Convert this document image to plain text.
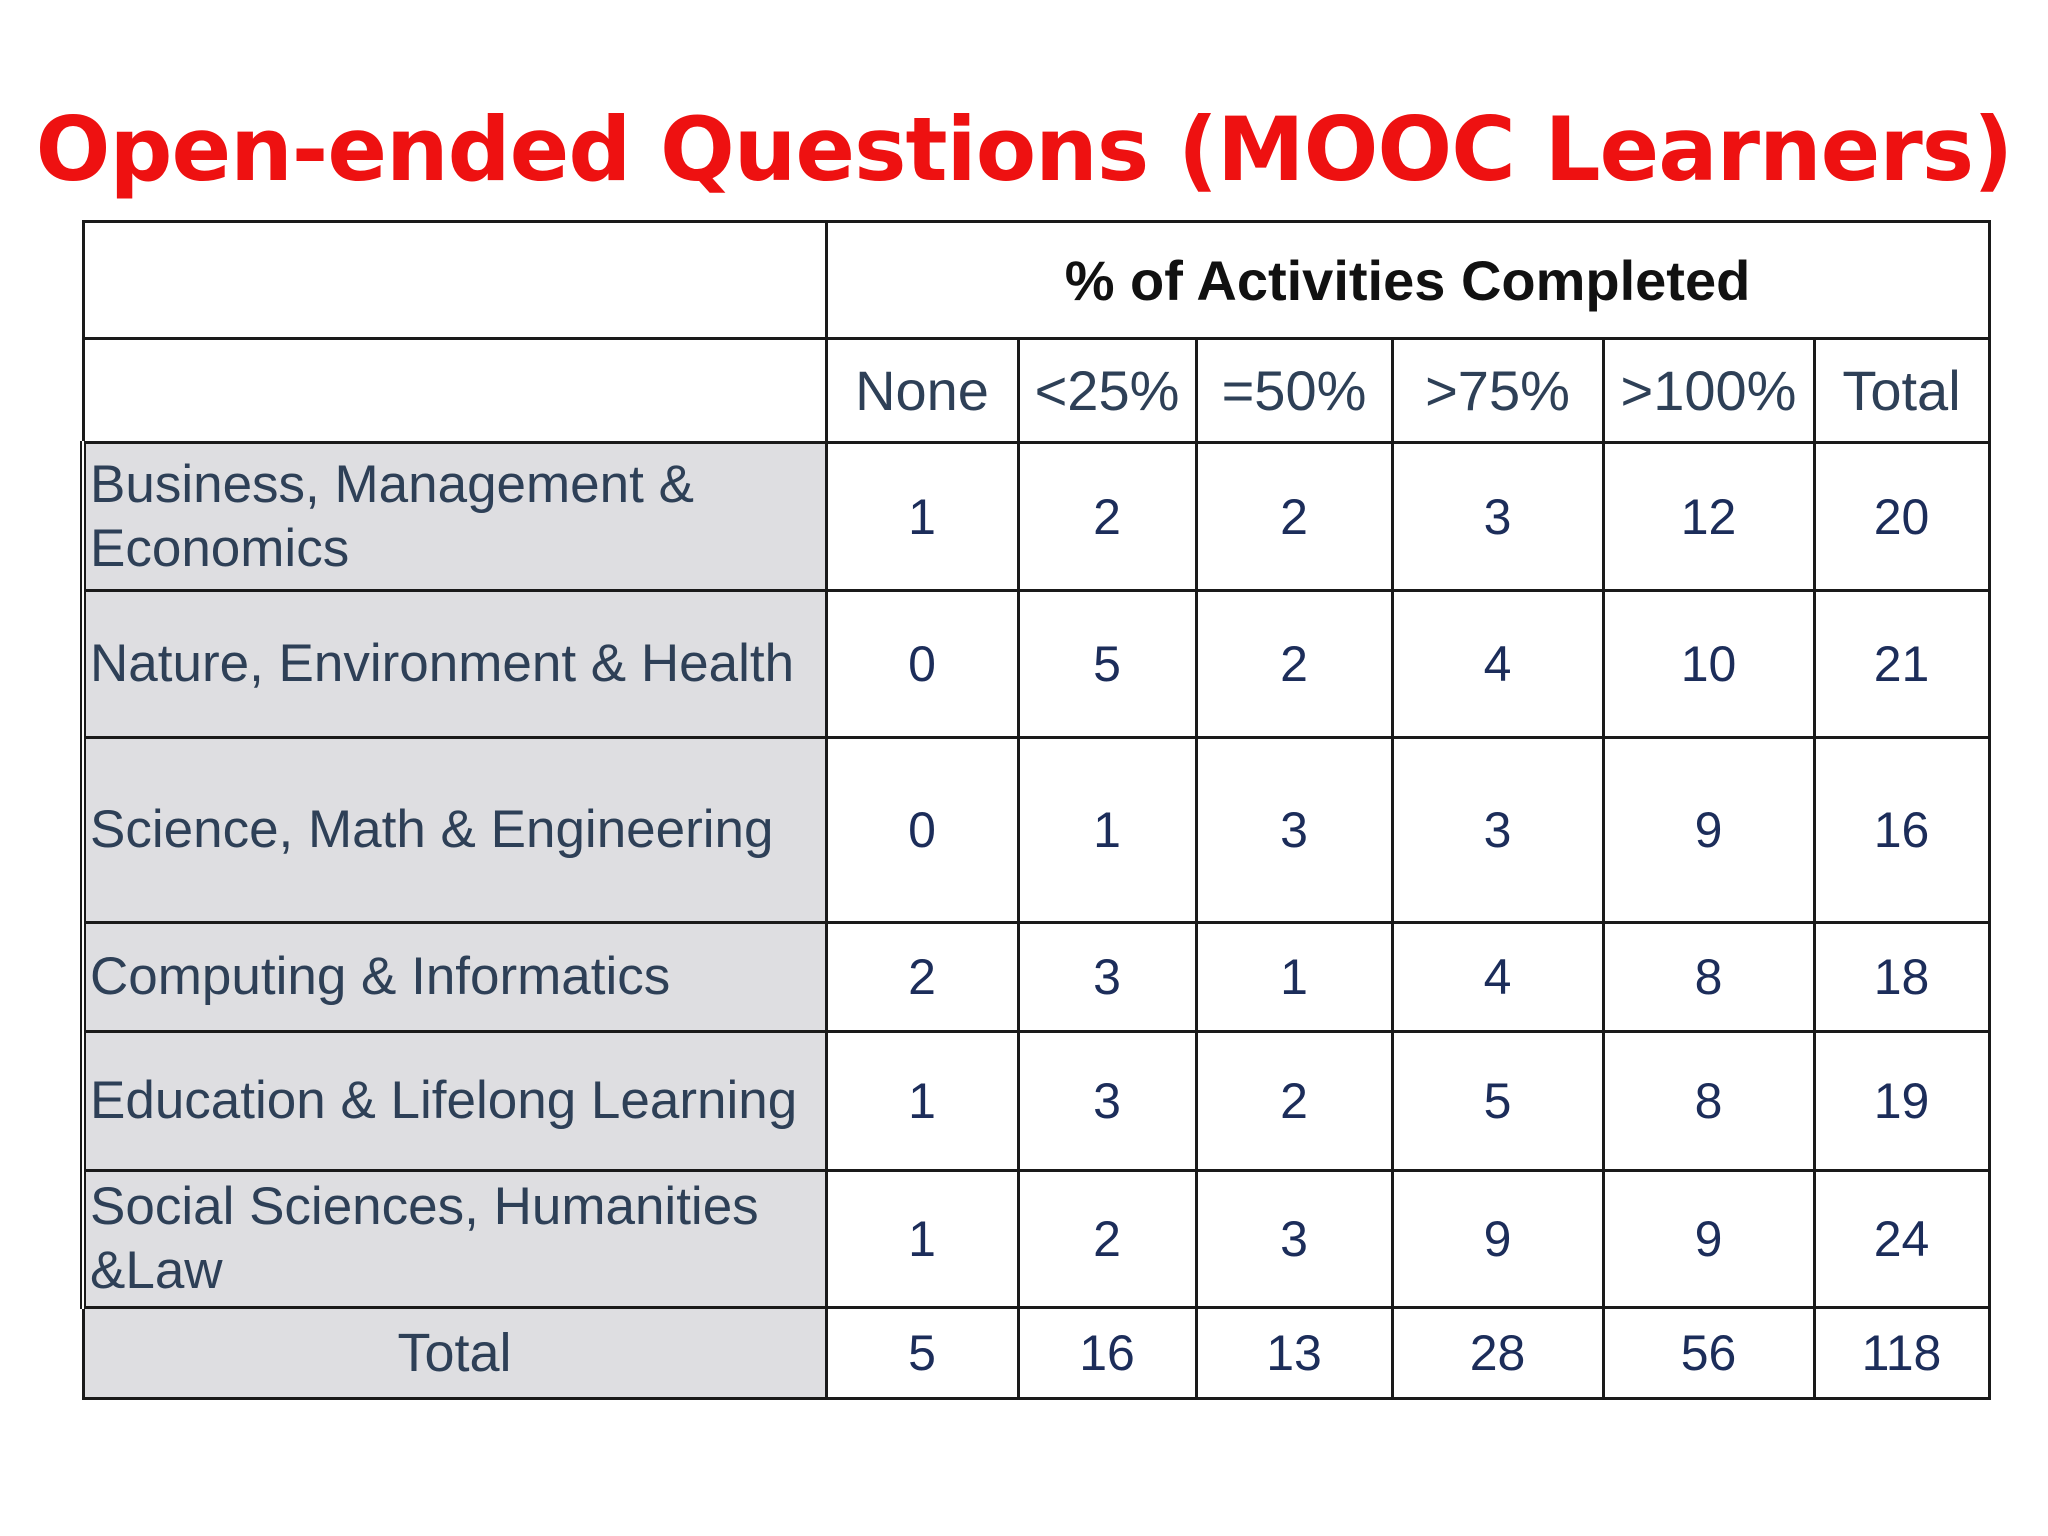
Open-ended Questions (MOOC Learners)
	% of Activities Completed					
	None	<25%	=50%	>75%	>100%	Total
Business, Management & Economics	1	2	2	3	12	20
Nature, Environment & Health	0	5	2	4	10	21
Science, Math & Engineering	0	1	3	3	9	16
Computing & Informatics	2	3	1	4	8	18
Education & Lifelong Learning	1	3	2	5	8	19
Social Sciences, Humanities &Law	1	2	3	9	9	24
Total	5	16	13	28	56	118
